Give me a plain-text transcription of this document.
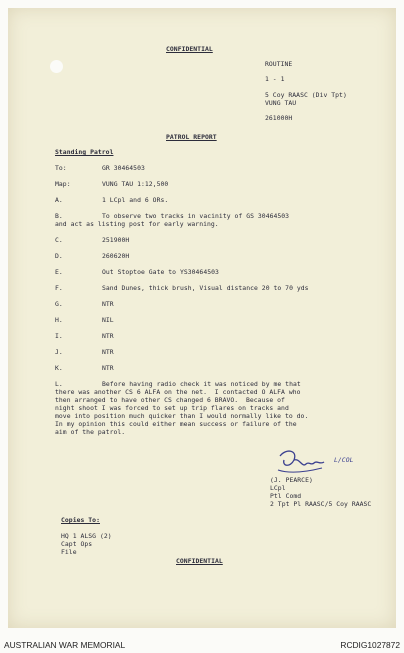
CONFIDENTIAL
ROUTINE
1 - 1
5 Coy RAASC (Div Tpt)
VUNG TAU
261000H
PATROL REPORT
Standing Patrol
To:	GR 30464503
Map:	VUNG TAU 1:12,500
A.	1 LCpl and 6 ORs.
B.	To observe two tracks in vacinity of GS 30464503
and act as listing post for early warning.
C.	251900H
D.	260620H
E.	Out Stoptoe Gate to YS30464503
F.	Sand Dunes, thick brush, Visual distance 20 to 70 yds
G.	NTR
H.	NIL
I.	NTR
J.	NTR
K.	NTR
L.	Before having radio check it was noticed by me that
there was another CS 6 ALFA on the net.  I contacted O ALFA who
then arranged to have other CS changed 6 BRAVO.  Because of
night shoot I was forced to set up trip flares on tracks and
move into position much quicker than I would normally like to do.
In my opinion this could either mean success or failure of the
aim of the patrol.
L/COL
(J. PEARCE)
LCpl
Ptl Comd
2 Tpt Pl RAASC/5 Coy RAASC
Copies To:
HQ 1 ALSG (2)
Capt Ops
File
CONFIDENTIAL
AUSTRALIAN WAR MEMORIAL	RCDIG1027872
